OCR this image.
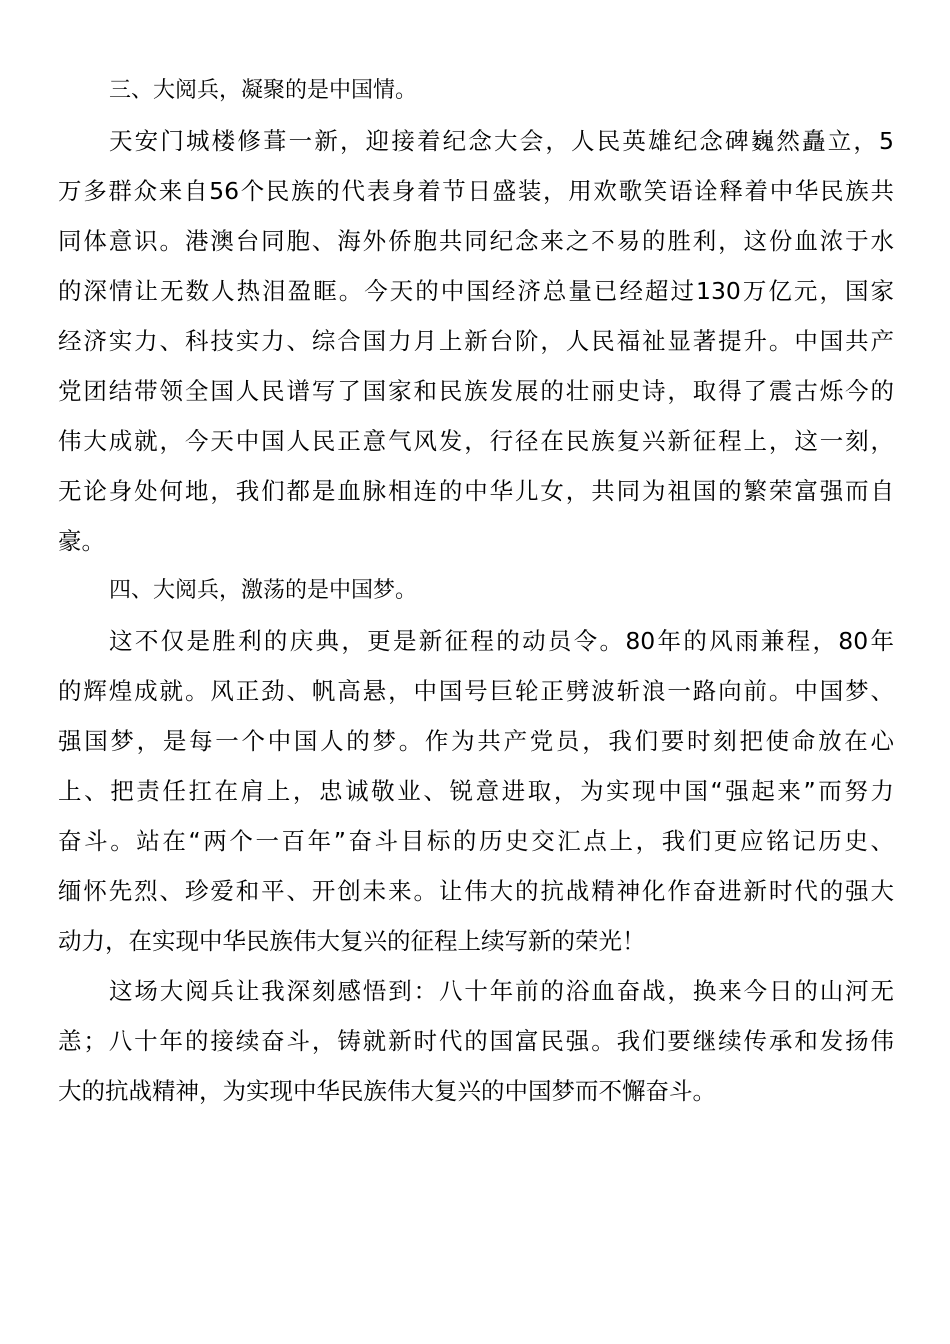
三、大阅兵，凝聚的是中国情。
天安门城楼修葺一新，迎接着纪念大会，人民英雄纪念碑巍然矗立，5
万多群众来自56个民族的代表身着节日盛装，用欢歌笑语诠释着中华民族共
同体意识。港澳台同胞、海外侨胞共同纪念来之不易的胜利，这份血浓于水
的深情让无数人热泪盈眶。今天的中国经济总量已经超过130万亿元，国家
经济实力、科技实力、综合国力月上新台阶，人民福祉显著提升。中国共产
党团结带领全国人民谱写了国家和民族发展的壮丽史诗，取得了震古烁今的
伟大成就，今天中国人民正意气风发，行径在民族复兴新征程上，这一刻，
无论身处何地，我们都是血脉相连的中华儿女，共同为祖国的繁荣富强而自
豪。
四、大阅兵，激荡的是中国梦。
这不仅是胜利的庆典，更是新征程的动员令。80年的风雨兼程，80年
的辉煌成就。风正劲、帆高悬，中国号巨轮正劈波斩浪一路向前。中国梦、
强国梦，是每一个中国人的梦。作为共产党员，我们要时刻把使命放在心
上、把责任扛在肩上，忠诚敬业、锐意进取，为实现中国“强起来”而努力
奋斗。站在“两个一百年”奋斗目标的历史交汇点上，我们更应铭记历史、
缅怀先烈、珍爱和平、开创未来。让伟大的抗战精神化作奋进新时代的强大
动力，在实现中华民族伟大复兴的征程上续写新的荣光！
这场大阅兵让我深刻感悟到：八十年前的浴血奋战，换来今日的山河无
恙；八十年的接续奋斗，铸就新时代的国富民强。我们要继续传承和发扬伟
大的抗战精神，为实现中华民族伟大复兴的中国梦而不懈奋斗。
